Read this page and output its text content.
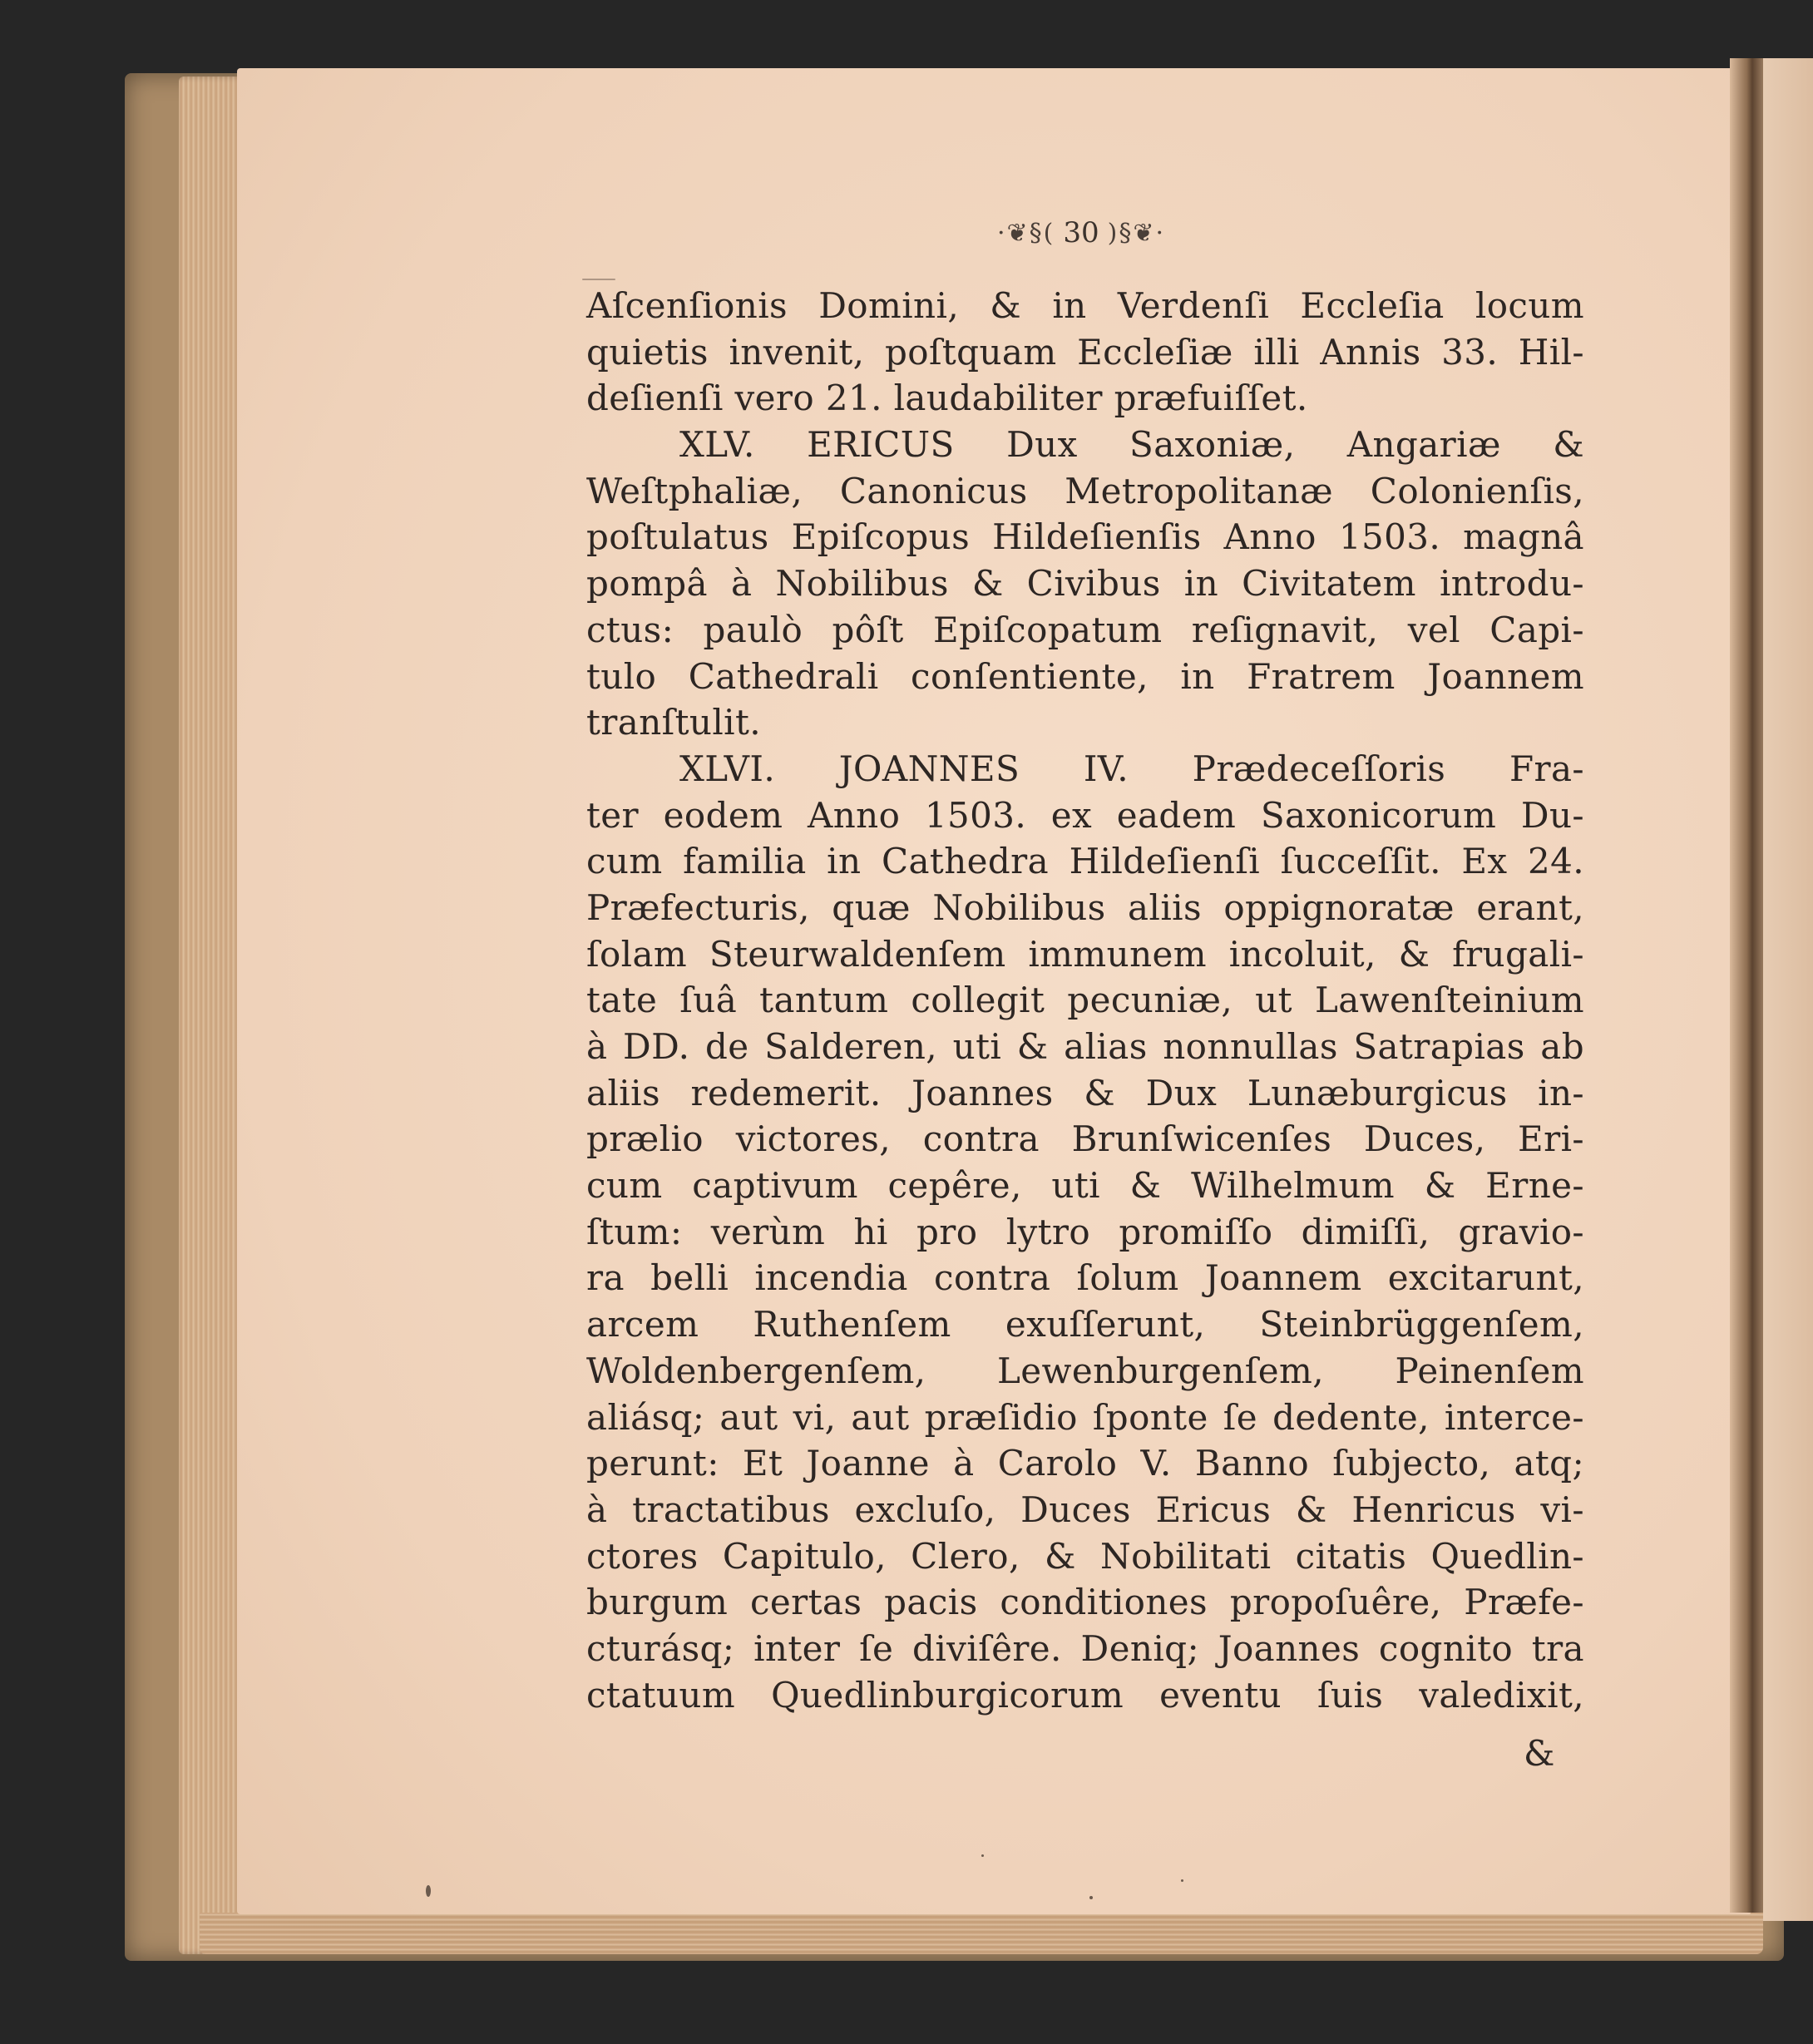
·❦§( 30 )§❦·
Aſcenſionis Domini, & in Verdenſi Eccleſia locum
quietis invenit, poſtquam Eccleſiæ illi Annis 33. Hil-
deſienſi vero 21. laudabiliter præfuiſſet.
XLV. ERICUS Dux Saxoniæ, Angariæ &
Weſtphaliæ, Canonicus Metropolitanæ Colonienſis,
poſtulatus Epiſcopus Hildeſienſis Anno 1503. magnâ
pompâ à Nobilibus & Civibus in Civitatem introdu-
ctus: paulò pôſt Epiſcopatum reſignavit, vel Capi-
tulo Cathedrali conſentiente, in Fratrem Joannem
tranſtulit.
XLVI. JOANNES IV. Prædeceſſoris Fra-
ter eodem Anno 1503. ex eadem Saxonicorum Du-
cum familia in Cathedra Hildeſienſi ſucceſſit. Ex 24.
Præfecturis, quæ Nobilibus aliis oppignoratæ erant,
ſolam Steurwaldenſem immunem incoluit, & frugali-
tate ſuâ tantum collegit pecuniæ, ut Lawenſteinium
à DD. de Salderen, uti & alias nonnullas Satrapias ab
aliis redemerit. Joannes & Dux Lunæburgicus in-
prælio victores, contra Brunſwicenſes Duces, Eri-
cum captivum cepêre, uti & Wilhelmum & Erne-
ſtum: verùm hi pro lytro promiſſo dimiſſi, gravio-
ra belli incendia contra ſolum Joannem excitarunt,
arcem Ruthenſem exuſſerunt, Steinbrüggenſem,
Woldenbergenſem, Lewenburgenſem, Peinenſem
aliásq; aut vi, aut præſidio ſponte ſe dedente, interce-
perunt: Et Joanne à Carolo V. Banno ſubjecto, atq;
à tractatibus excluſo, Duces Ericus & Henricus vi-
ctores Capitulo, Clero, & Nobilitati citatis Quedlin-
burgum certas pacis conditiones propoſuêre, Præfe-
cturásq; inter ſe diviſêre. Deniq; Joannes cognito tra
ctatuum Quedlinburgicorum eventu ſuis valedixit,
&
